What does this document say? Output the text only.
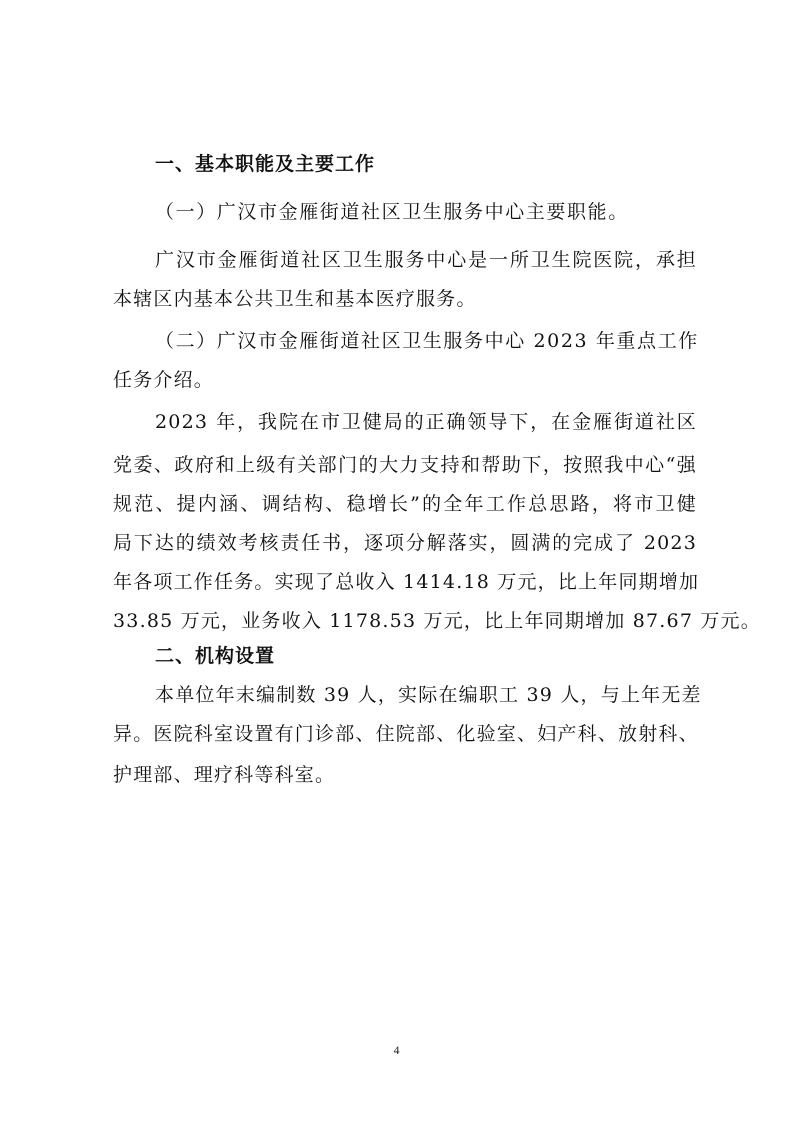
一、基本职能及主要工作
（一）广汉市金雁街道社区卫生服务中心主要职能。
广汉市金雁街道社区卫生服务中心是一所卫生院医院，承担
本辖区内基本公共卫生和基本医疗服务。
（二）广汉市金雁街道社区卫生服务中心 2023 年重点工作
任务介绍。
2023 年，我院在市卫健局的正确领导下，在金雁街道社区
党委、政府和上级有关部门的大力支持和帮助下，按照我中心“强
规范、提内涵、调结构、稳增长”的全年工作总思路，将市卫健
局下达的绩效考核责任书，逐项分解落实，圆满的完成了 2023
年各项工作任务。实现了总收入 1414.18 万元，比上年同期增加
33.85 万元，业务收入 1178.53 万元，比上年同期增加 87.67 万元。
二、机构设置
本单位年末编制数 39 人，实际在编职工 39 人，与上年无差
异。医院科室设置有门诊部、住院部、化验室、妇产科、放射科、
护理部、理疗科等科室。
4
